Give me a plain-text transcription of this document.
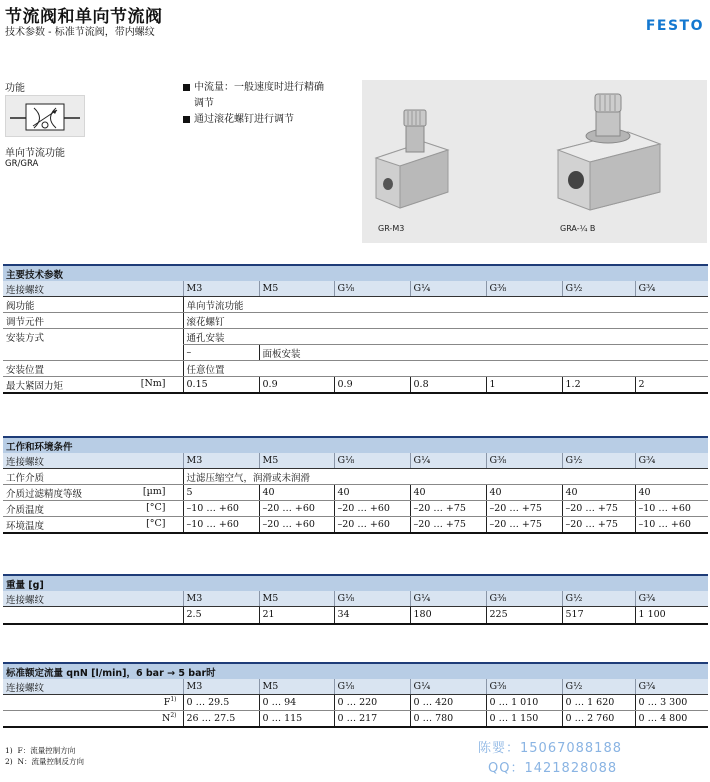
节流阀和单向节流阀
技术参数 - 标准节流阀，带内螺纹	FESTO
功能
单向节流功能
GR/GRA
中流量：一般速度时进行精确
调节
通过滚花螺钉进行调节
GR-M3	GRA-¼ B
主要技术参数							
连接螺纹	M3	M5	G⅛	G¼	G⅜	G½	G¾
阀功能	单向节流功能						
调节元件	滚花螺钉						
安装方式	通孔安装						
	–	面板安装					
安装位置	任意位置						
最大紧固力矩 [Nm]	0.15	0.9	0.9	0.8	1	1.2	2
工作和环境条件							
连接螺纹	M3	M5	G⅛	G¼	G⅜	G½	G¾
工作介质	过滤压缩空气，润滑或未润滑						
介质过滤精度等级 [µm]	5	40	40	40	40	40	40
介质温度 [°C]	–10 … +60	–20 … +60	–20 … +60	–20 … +75	–20 … +75	–20 … +75	–10 … +60
环境温度 [°C]	–10 … +60	–20 … +60	–20 … +60	–20 … +75	–20 … +75	–20 … +75	–10 … +60
重量 [g]							
连接螺纹	M3	M5	G⅛	G¼	G⅜	G½	G¾
	2.5	21	34	180	225	517	1 100
标准额定流量 qnN [l/min]，6 bar → 5 bar时							
连接螺纹	M3	M5	G⅛	G¼	G⅜	G½	G¾
$F^{1)}$	0 … 29.5	0 … 94	0 … 220	0 … 420	0 … 1 010	0 … 1 620	0 … 3 300
$N^{2)}$	26 … 27.5	0 … 115	0 … 217	0 … 780	0 … 1 150	0 … 2 760	0 … 4 800
1) F：流量控制方向
2) N：流量控制反方向
陈婴：15067088188
QQ：1421828088
